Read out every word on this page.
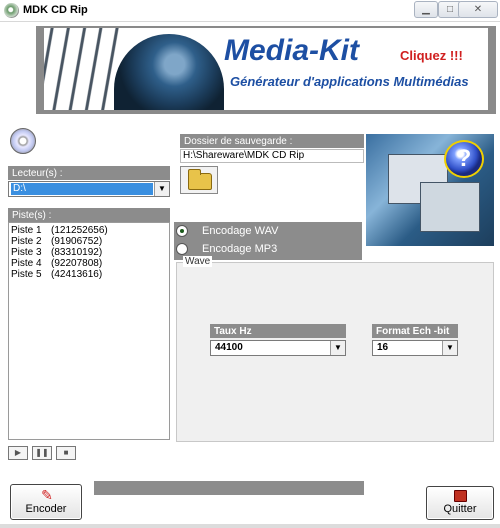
MDK CD Rip	▁	□	✕
Media-Kit	Cliquez !!!
Générateur d'applications Multimédias
Lecteur(s) :
D:\	▼
Piste(s) :
Piste 1 (121252656)
Piste 2 (91906752)
Piste 3 (83310192)
Piste 4 (92207808)
Piste 5 (42413616)
▶	❚❚	■
Dossier de sauvegarde :
H:\Shareware\MDK CD Rip	?
Encodage WAV
Encodage MP3
Wave
Taux Hz
44100	▼
Format Ech -bit
16	▼
✎
Encoder	Quitter
